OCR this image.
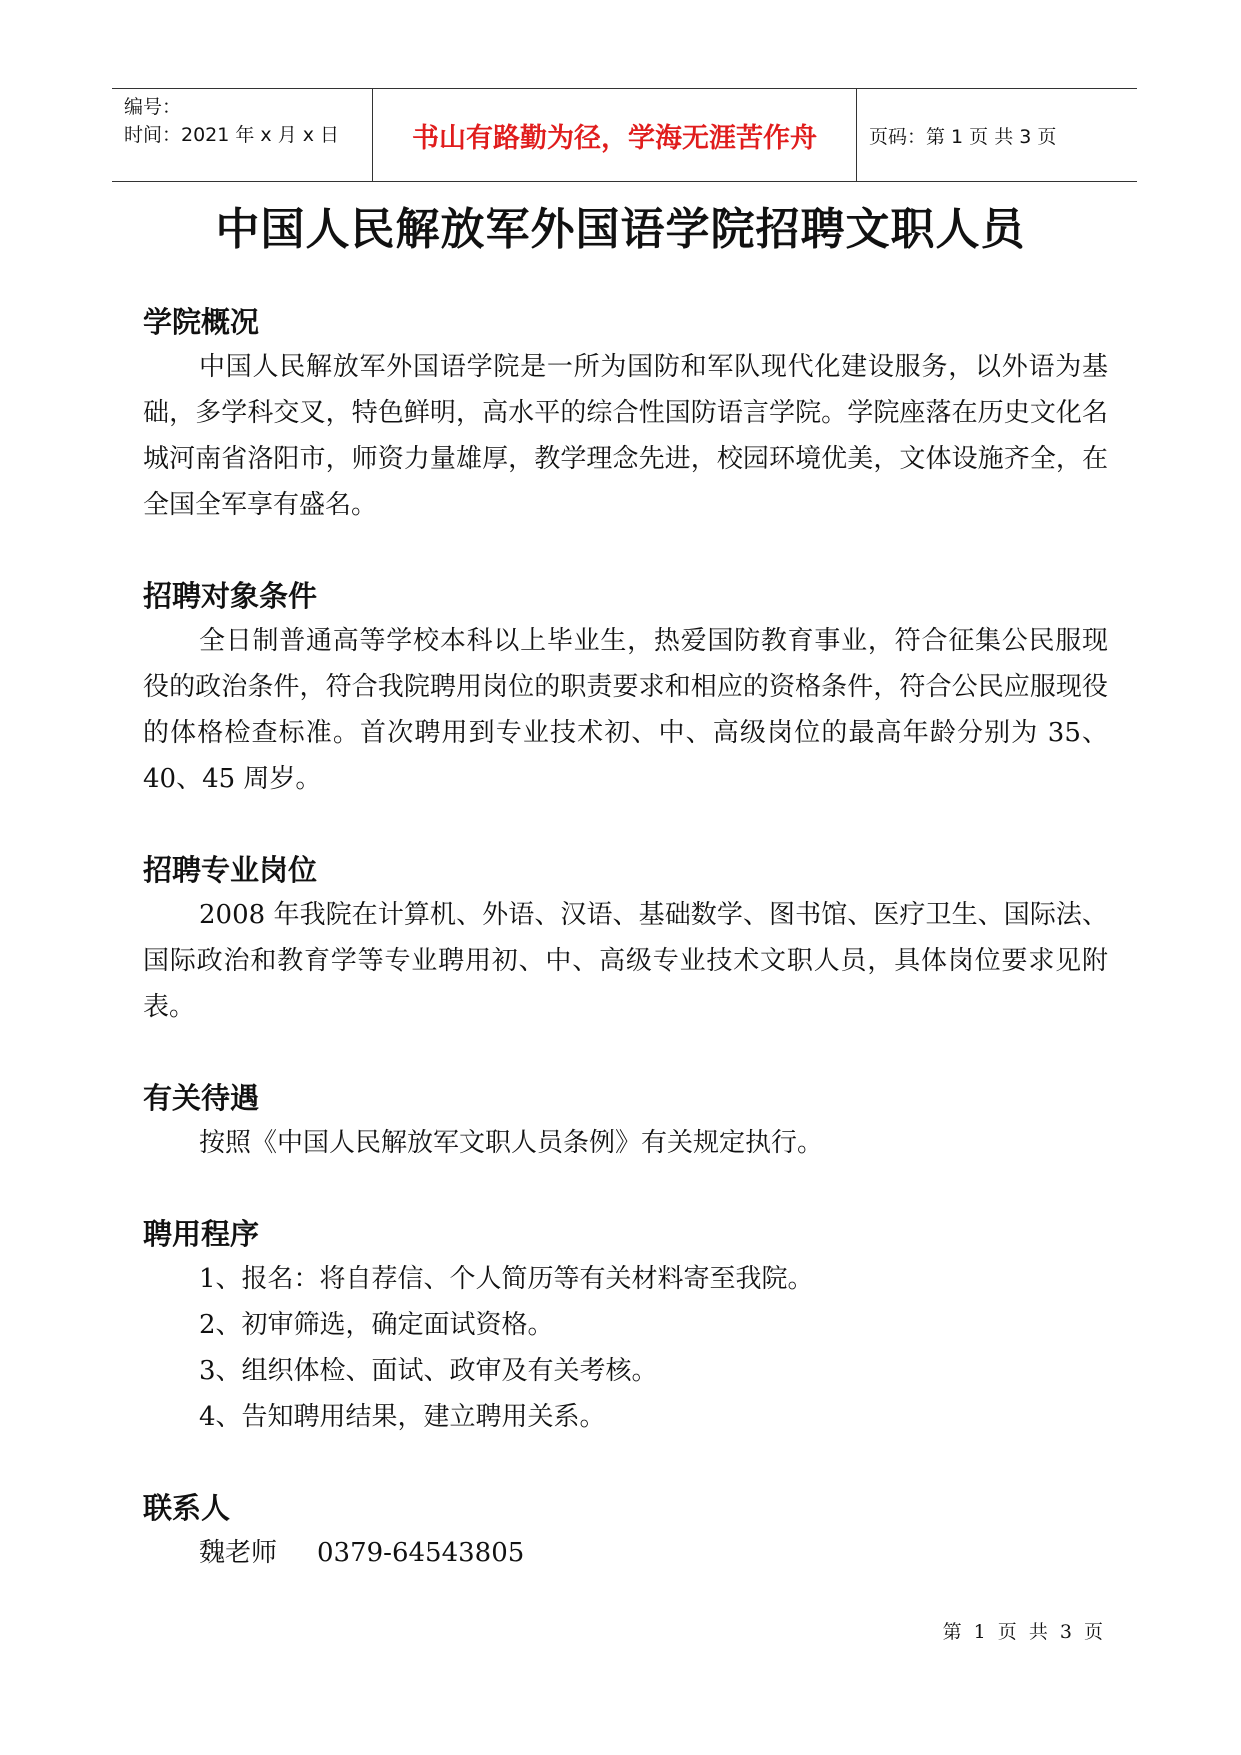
编号：
时间：2021 年 x 月 x 日	书山有路勤为径，学海无涯苦作舟	页码：第 1 页 共 3 页
中国人民解放军外国语学院招聘文职人员
学院概况

中国人民解放军外国语学院是一所为国防和军队现代化建设服务，以外语为基础，多学科交叉，特色鲜明，高水平的综合性国防语言学院。学院座落在历史文化名城河南省洛阳市，师资力量雄厚，教学理念先进，校园环境优美，文体设施齐全，在全国全军享有盛名。

招聘对象条件

全日制普通高等学校本科以上毕业生，热爱国防教育事业，符合征集公民服现役的政治条件，符合我院聘用岗位的职责要求和相应的资格条件，符合公民应服现役的体格检查标准。首次聘用到专业技术初、中、高级岗位的最高年龄分别为 35、40、45 周岁。

招聘专业岗位

2008 年我院在计算机、外语、汉语、基础数学、图书馆、医疗卫生、国际法、国际政治和教育学等专业聘用初、中、高级专业技术文职人员，具体岗位要求见附表。

有关待遇

按照《中国人民解放军文职人员条例》有关规定执行。

聘用程序

1、报名：将自荐信、个人简历等有关材料寄至我院。

2、初审筛选，确定面试资格。

3、组织体检、面试、政审及有关考核。

4、告知聘用结果，建立聘用关系。

联系人

魏老师 0379-64543805

第 1 页 共 3 页
